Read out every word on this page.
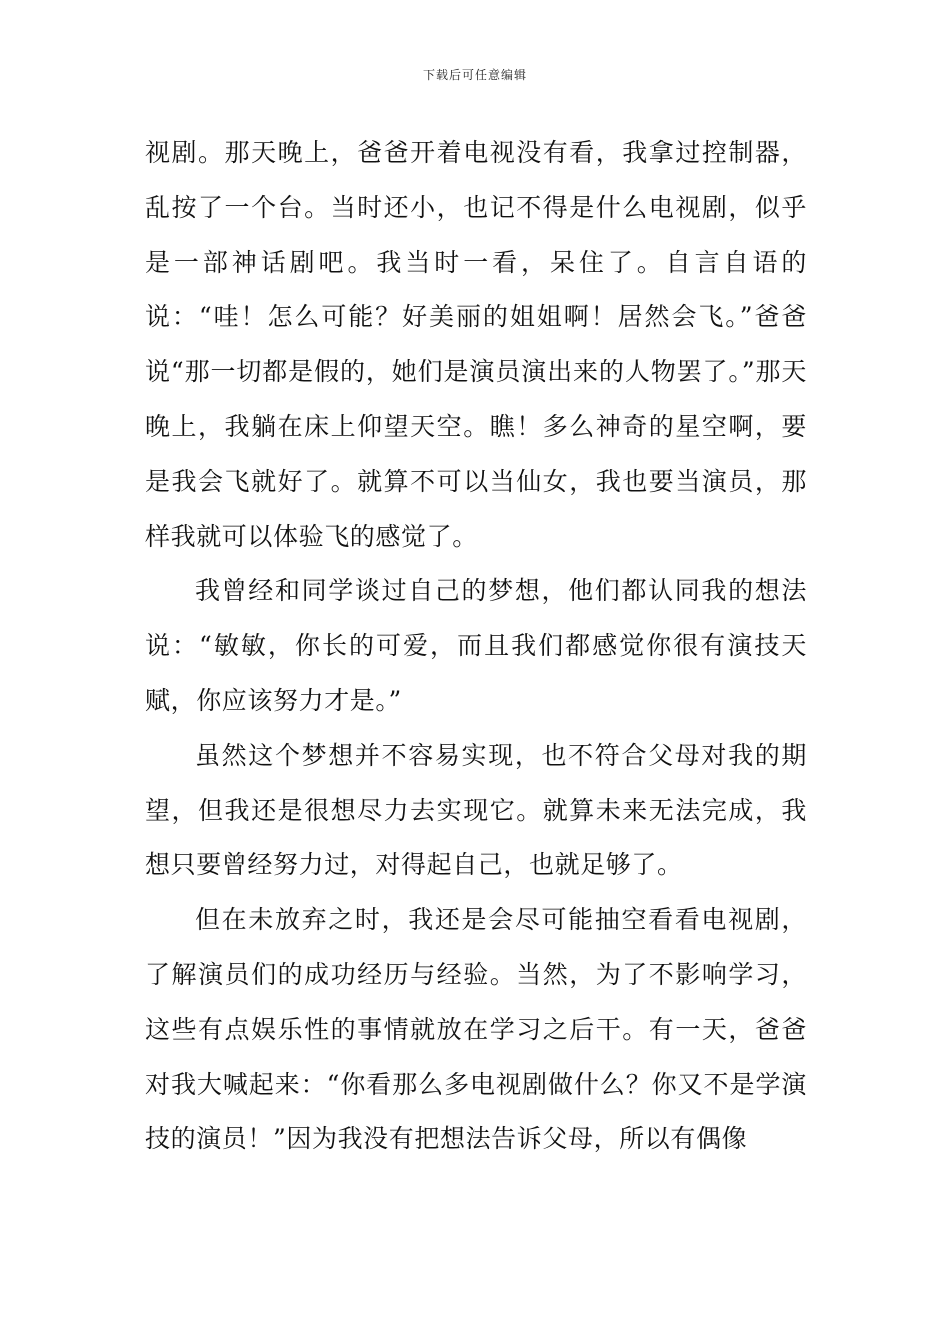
下载后可任意编辑

视剧。那天晚上，爸爸开着电视没有看，我拿过控制器，乱按了一个台。当时还小，也记不得是什么电视剧，似乎是一部神话剧吧。我当时一看，呆住了。自言自语的说：“哇！怎么可能？好美丽的姐姐啊！居然会飞。”爸爸说“那一切都是假的，她们是演员演出来的人物罢了。”那天晚上，我躺在床上仰望天空。瞧！多么神奇的星空啊，要是我会飞就好了。就算不可以当仙女，我也要当演员，那样我就可以体验飞的感觉了。

我曾经和同学谈过自己的梦想，他们都认同我的想法说：“敏敏，你长的可爱，而且我们都感觉你很有演技天赋，你应该努力才是。”

虽然这个梦想并不容易实现，也不符合父母对我的期望，但我还是很想尽力去实现它。就算未来无法完成，我想只要曾经努力过，对得起自己，也就足够了。

但在未放弃之时，我还是会尽可能抽空看看电视剧，了解演员们的成功经历与经验。当然，为了不影响学习，这些有点娱乐性的事情就放在学习之后干。有一天，爸爸对我大喊起来：“你看那么多电视剧做什么？你又不是学演技的演员！”因为我没有把想法告诉父母，所以有偶像
